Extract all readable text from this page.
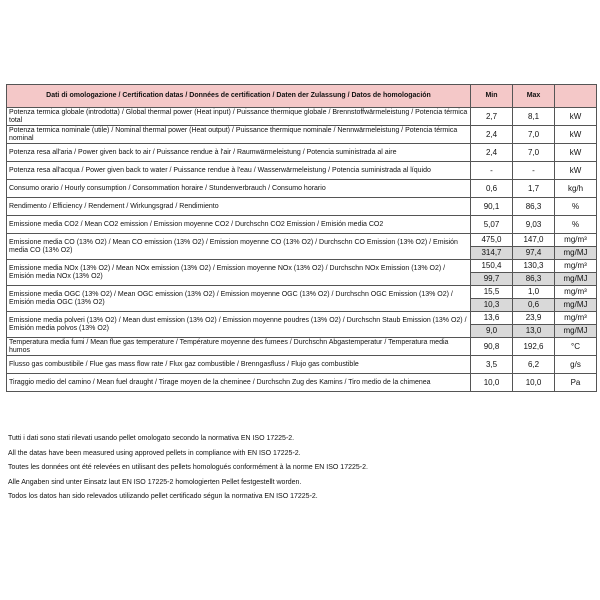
Dati di omologazione / Certification datas / Données de certification / Daten der Zulassung / Datos de homologación	Min	Max	
Potenza termica globale (introdotta) / Global thermal power (Heat input) / Puissance thermique globale / Brennstoffwärmeleistung / Potencia térmica total	2,7	8,1	kW
Potenza termica nominale (utile) / Nominal thermal power (Heat output) / Puissance thermique nominale / Nennwärmeleistung / Potencia térmica nominal	2,4	7,0	kW
Potenza resa all'aria / Power given back to air / Puissance rendue à l'air / Raumwärmeleistung / Potencia suministrada al aire	2,4	7,0	kW
Potenza resa all'acqua / Power given back to water / Puissance rendue à l'eau / Wasserwärmeleistung / Potencia suministrada al líquido	-	-	kW
Consumo orario / Hourly consumption / Consommation horaire / Stundenverbrauch / Consumo horario	0,6	1,7	kg/h
Rendimento / Efficiency / Rendement / Wirkungsgrad / Rendimiento	90,1	86,3	%
Emissione media CO2 / Mean CO2 emission / Emission moyenne CO2 / Durchschn CO2 Emission / Emisión media CO2	5,07	9,03	%
Emissione media CO (13% O2) / Mean CO emission (13% O2) / Emission moyenne CO (13% O2) / Durchschn CO Emission (13% O2) / Emisión media CO (13% O2)	475,0	147,0	mg/m³
	314,7	97,4	mg/MJ
Emissione media NOx (13% O2) / Mean NOx emission (13% O2) / Emission moyenne NOx (13% O2) / Durchschn NOx Emission (13% O2) / Emisión media NOx (13% O2)	150,4	130,3	mg/m³
	99,7	86,3	mg/MJ
Emissione media OGC (13% O2) / Mean OGC emission (13% O2) / Emission moyenne OGC (13% O2) / Durchschn OGC Emission (13% O2) / Emisión media OGC (13% O2)	15,5	1,0	mg/m³
	10,3	0,6	mg/MJ
Emissione media polveri (13% O2) / Mean dust emission (13% O2) / Emission moyenne poudres (13% O2) / Durchschn Staub Emission (13% O2) / Emisión media polvos (13% O2)	13,6	23,9	mg/m³
	9,0	13,0	mg/MJ
Temperatura media fumi / Mean flue gas temperature / Température moyenne des fumees / Durchschn Abgastemperatur / Temperatura media humos	90,8	192,6	°C
Flusso gas combustibile / Flue gas mass flow rate / Flux gaz combustible / Brenngasfluss / Flujo gas combustible	3,5	6,2	g/s
Tiraggio medio del camino / Mean fuel draught / Tirage moyen de la cheminee / Durchschn Zug des Kamins / Tiro medio de la chimenea	10,0	10,0	Pa
Tutti i dati sono stati rilevati usando pellet omologato secondo la normativa EN ISO 17225-2.
All the datas have been measured using approved pellets in compliance with EN ISO 17225-2.
Toutes les données ont été relevées en utilisant des pellets homologués conformément à la norme EN ISO 17225-2.
Alle Angaben sind unter Einsatz laut EN ISO 17225-2 homologierten Pellet festgestellt worden.
Todos los datos han sido relevados utilizando pellet certificado ségun la normativa EN ISO 17225-2.
